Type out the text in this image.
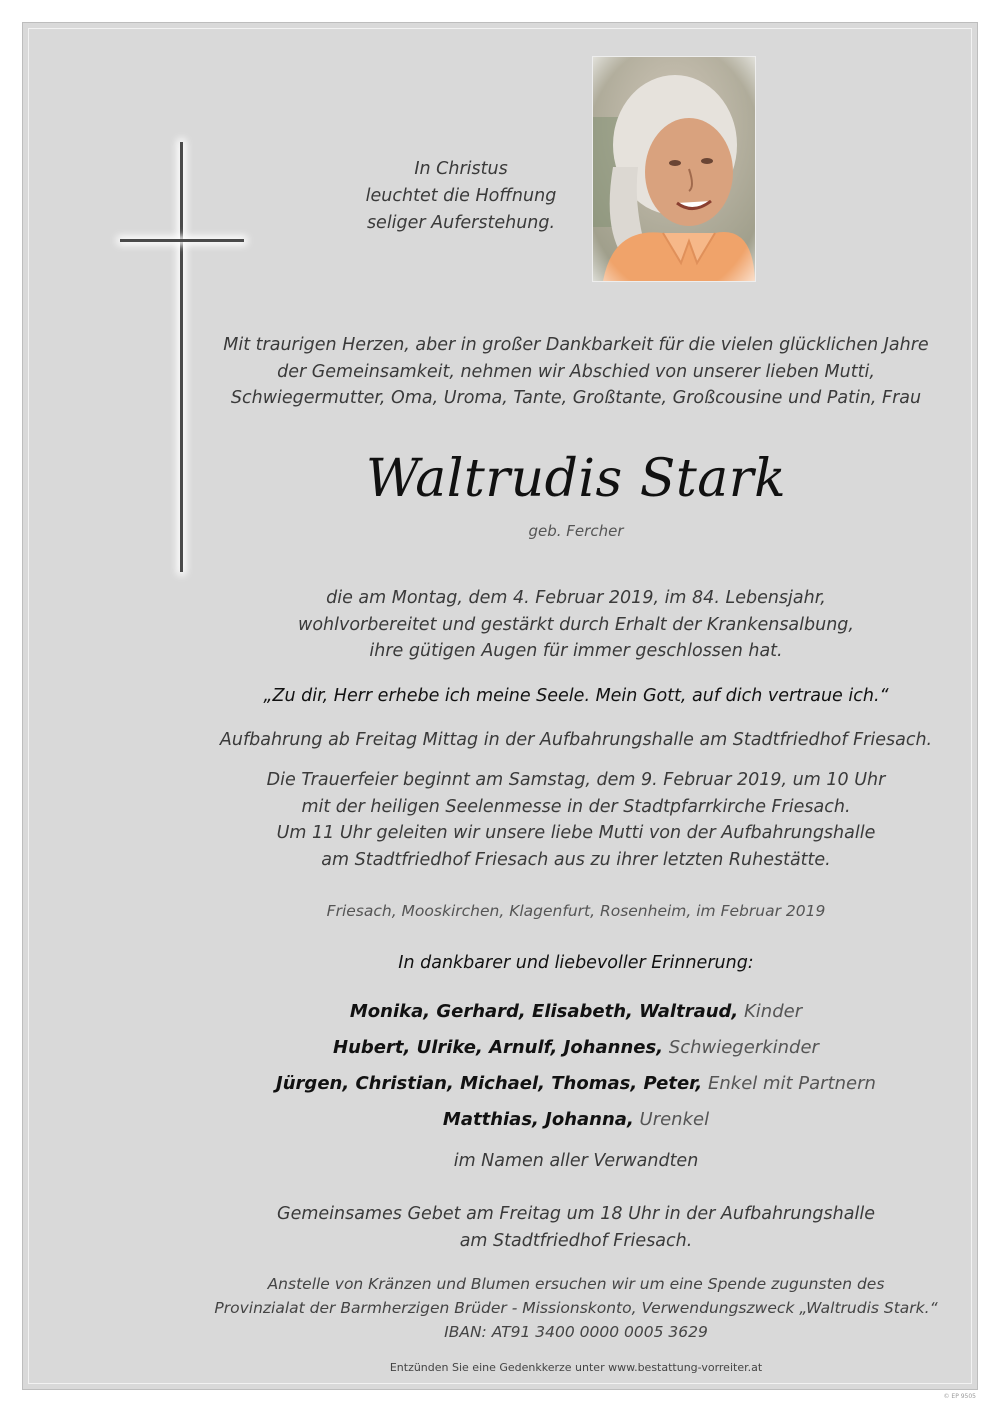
In Christus
leuchtet die Hoffnung
seliger Auferstehung.
Mit traurigen Herzen, aber in großer Dankbarkeit für die vielen glücklichen Jahre
der Gemeinsamkeit, nehmen wir Abschied von unserer lieben Mutti,
Schwiegermutter, Oma, Uroma, Tante, Großtante, Großcousine und Patin, Frau
Waltrudis Stark
geb. Fercher
die am Montag, dem 4. Februar 2019, im 84. Lebensjahr,
wohlvorbereitet und gestärkt durch Erhalt der Krankensalbung,
ihre gütigen Augen für immer geschlossen hat.
„Zu dir, Herr erhebe ich meine Seele. Mein Gott, auf dich vertraue ich.“
Aufbahrung ab Freitag Mittag in der Aufbahrungshalle am Stadtfriedhof Friesach.
Die Trauerfeier beginnt am Samstag, dem 9. Februar 2019, um 10 Uhr
mit der heiligen Seelenmesse in der Stadtpfarrkirche Friesach.
Um 11 Uhr geleiten wir unsere liebe Mutti von der Aufbahrungshalle
am Stadtfriedhof Friesach aus zu ihrer letzten Ruhestätte.
Friesach, Mooskirchen, Klagenfurt, Rosenheim, im Februar 2019
In dankbarer und liebevoller Erinnerung:
Monika, Gerhard, Elisabeth, Waltraud, Kinder
Hubert, Ulrike, Arnulf, Johannes, Schwiegerkinder
Jürgen, Christian, Michael, Thomas, Peter, Enkel mit Partnern
Matthias, Johanna, Urenkel
im Namen aller Verwandten
Gemeinsames Gebet am Freitag um 18 Uhr in der Aufbahrungshalle
am Stadtfriedhof Friesach.
Anstelle von Kränzen und Blumen ersuchen wir um eine Spende zugunsten des
Provinzialat der Barmherzigen Brüder - Missionskonto, Verwendungszweck „Waltrudis Stark.“
IBAN: AT91 3400 0000 0005 3629
Entzünden Sie eine Gedenkkerze unter www.bestattung-vorreiter.at
© EP 9505
